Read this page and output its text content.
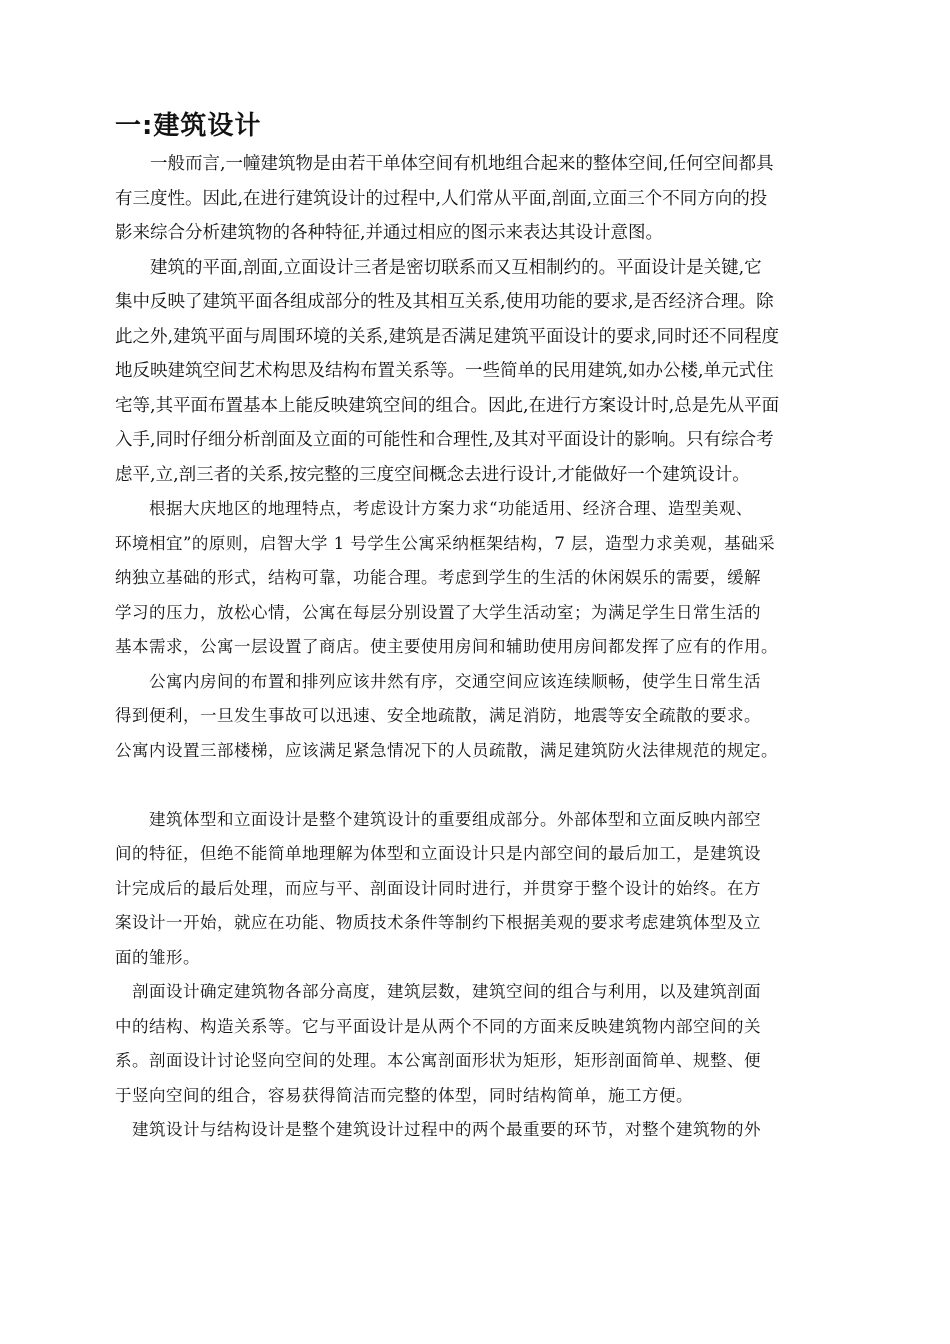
一:建筑设计
　　一般而言,一幢建筑物是由若干单体空间有机地组合起来的整体空间,任何空间都具
有三度性。因此,在进行建筑设计的过程中,人们常从平面,剖面,立面三个不同方向的投
影来综合分析建筑物的各种特征,并通过相应的图示来表达其设计意图。
　　建筑的平面,剖面,立面设计三者是密切联系而又互相制约的。平面设计是关键,它
集中反映了建筑平面各组成部分的牲及其相互关系,使用功能的要求,是否经济合理。除
此之外,建筑平面与周围环境的关系,建筑是否满足建筑平面设计的要求,同时还不同程度
地反映建筑空间艺术构思及结构布置关系等。一些简单的民用建筑,如办公楼,单元式住
宅等,其平面布置基本上能反映建筑空间的组合。因此,在进行方案设计时,总是先从平面
入手,同时仔细分析剖面及立面的可能性和合理性,及其对平面设计的影响。只有综合考
虑平,立,剖三者的关系,按完整的三度空间概念去进行设计,才能做好一个建筑设计。
　　根据大庆地区的地理特点，考虑设计方案力求“功能适用、经济合理、造型美观、
环境相宜”的原则，启智大学 1 号学生公寓采纳框架结构，7 层，造型力求美观，基础采
纳独立基础的形式，结构可靠，功能合理。考虑到学生的生活的休闲娱乐的需要，缓解
学习的压力，放松心情，公寓在每层分别设置了大学生活动室；为满足学生日常生活的
基本需求，公寓一层设置了商店。使主要使用房间和辅助使用房间都发挥了应有的作用。
　　公寓内房间的布置和排列应该井然有序，交通空间应该连续顺畅，使学生日常生活
得到便利，一旦发生事故可以迅速、安全地疏散，满足消防，地震等安全疏散的要求。
公寓内设置三部楼梯，应该满足紧急情况下的人员疏散，满足建筑防火法律规范的规定。
　　建筑体型和立面设计是整个建筑设计的重要组成部分。外部体型和立面反映内部空
间的特征，但绝不能简单地理解为体型和立面设计只是内部空间的最后加工，是建筑设
计完成后的最后处理，而应与平、剖面设计同时进行，并贯穿于整个设计的始终。在方
案设计一开始，就应在功能、物质技术条件等制约下根据美观的要求考虑建筑体型及立
面的雏形。
　剖面设计确定建筑物各部分高度，建筑层数，建筑空间的组合与利用，以及建筑剖面
中的结构、构造关系等。它与平面设计是从两个不同的方面来反映建筑物内部空间的关
系。剖面设计讨论竖向空间的处理。本公寓剖面形状为矩形，矩形剖面简单、规整、便
于竖向空间的组合，容易获得简洁而完整的体型，同时结构简单，施工方便。
　建筑设计与结构设计是整个建筑设计过程中的两个最重要的环节，对整个建筑物的外
